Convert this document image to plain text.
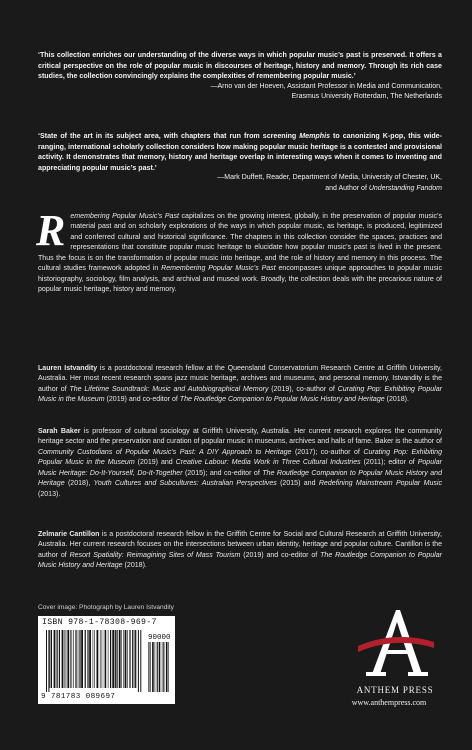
‘This collection enriches our understanding of the diverse ways in which popular music’s past is preserved. It offers a critical perspective on the role of popular music in discourses of heritage, history and memory. Through its rich case studies, the collection convincingly explains the complexities of remembering popular music.’
—Arno van der Hoeven, Assistant Professor in Media and Communication,
Erasmus University Rotterdam, The Netherlands
‘State of the art in its subject area, with chapters that run from screening Memphis to canonizing K-pop, this wide-ranging, international scholarly collection considers how making popular music heritage is a contested and provisional activity. It demonstrates that memory, history and heritage overlap in interesting ways when it comes to inventing and appreciating popular music’s past.’
—Mark Duffett, Reader, Department of Media, University of Chester, UK,
and Author of Understanding Fandom
Remembering Popular Music’s Past capitalizes on the growing interest, globally, in the preservation of popular music’s material past and on scholarly explorations of the ways in which popular music, as heritage, is produced, legitimized and conferred cultural and historical significance. The chapters in this collection consider the spaces, practices and representations that constitute popular music heritage to elucidate how popular music’s past is lived in the present. Thus the focus is on the transformation of popular music into heritage, and the role of history and memory in this process. The cultural studies framework adopted in Remembering Popular Music’s Past encompasses unique approaches to popular music historiography, sociology, film analysis, and archival and museal work. Broadly, the collection deals with the precarious nature of popular music heritage, history and memory.
Lauren Istvandity is a postdoctoral research fellow at the Queensland Conservatorium Research Centre at Griffith University, Australia. Her most recent research spans jazz music heritage, archives and museums, and personal memory. Istvandity is the author of The Lifetime Soundtrack: Music and Autobiographical Memory (2019), co-author of Curating Pop: Exhibiting Popular Music in the Museum (2019) and co-editor of The Routledge Companion to Popular Music History and Heritage (2018).
Sarah Baker is professor of cultural sociology at Griffith University, Australia. Her current research explores the community heritage sector and the preservation and curation of popular music in museums, archives and halls of fame. Baker is the author of Community Custodians of Popular Music’s Past: A DIY Approach to Heritage (2017); co-author of Curating Pop: Exhibiting Popular Music in the Museum (2019) and Creative Labour: Media Work in Three Cultural Industries (2011); editor of Popular Music Heritage: Do-It-Yourself, Do-It-Together (2015); and co-editor of The Routledge Companion to Popular Music History and Heritage (2018), Youth Cultures and Subcultures: Australian Perspectives (2015) and Redefining Mainstream Popular Music (2013).
Zelmarie Cantillon is a postdoctoral research fellow in the Griffith Centre for Social and Cultural Research at Griffith University, Australia. Her current research focuses on the intersections between urban identity, heritage and popular culture. Cantillon is the author of Resort Spatiality: Reimagining Sites of Mass Tourism (2019) and co-editor of The Routledge Companion to Popular Music History and Heritage (2018).
Cover image: Photograph by Lauren Istvandity
ISBN 978-1-78308-969-7
90000
9 781783 089697
ANTHEM PRESS
www.anthempress.com
